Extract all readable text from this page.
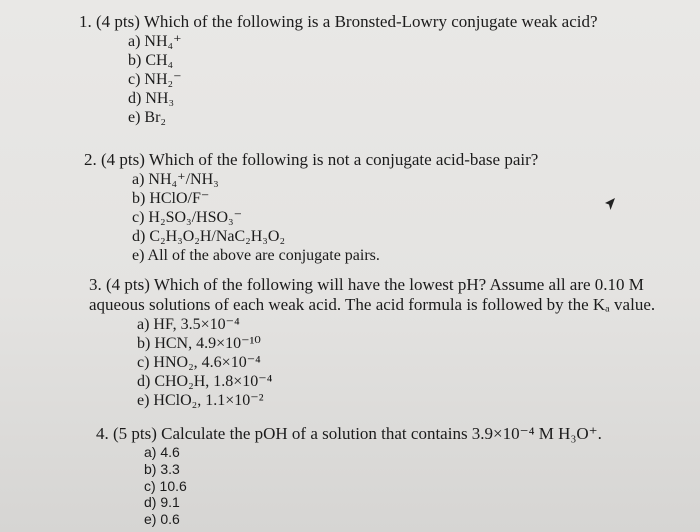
1. (4 pts) Which of the following is a Bronsted-Lowry conjugate weak acid?

a) NH₄⁺
b) CH₄
c) NH₂⁻
d) NH₃
e) Br₂

2. (4 pts) Which of the following is not a conjugate acid-base pair?

a) NH₄⁺/NH₃
b) HClO/F⁻
c) H₂SO₃/HSO₃⁻
d) C₂H₃O₂H/NaC₂H₃O₂
e) All of the above are conjugate pairs.

3. (4 pts) Which of the following will have the lowest pH? Assume all are 0.10 M aqueous solutions of each weak acid. The acid formula is followed by the Kₐ value.

a) HF, 3.5×10⁻⁴
b) HCN, 4.9×10⁻¹⁰
c) HNO₂, 4.6×10⁻⁴
d) CHO₂H, 1.8×10⁻⁴
e) HClO₂, 1.1×10⁻²

4. (5 pts) Calculate the pOH of a solution that contains 3.9×10⁻⁴ M H₃O⁺.

a) 4.6
b) 3.3
c) 10.6
d) 9.1
e) 0.6
